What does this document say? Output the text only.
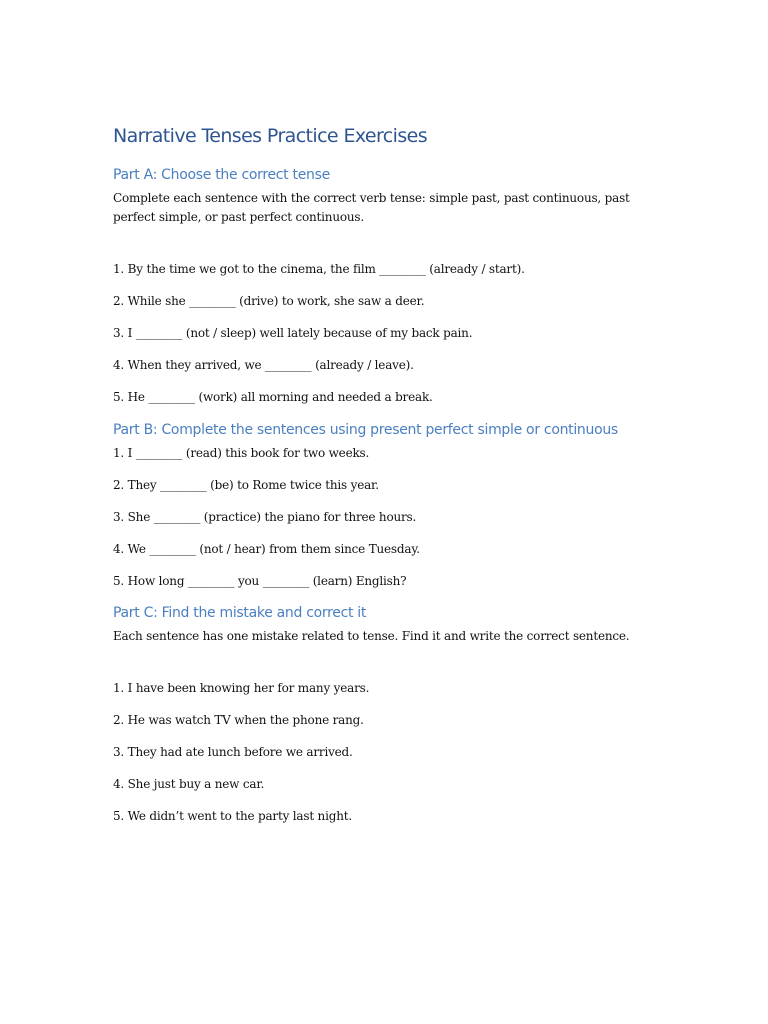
Narrative Tenses Practice Exercises
Part A: Choose the correct tense

Complete each sentence with the correct verb tense: simple past, past continuous, past perfect simple, or past perfect continuous.

1. By the time we got to the cinema, the film ________ (already / start).

2. While she ________ (drive) to work, she saw a deer.

3. I ________ (not / sleep) well lately because of my back pain.

4. When they arrived, we ________ (already / leave).

5. He ________ (work) all morning and needed a break.

Part B: Complete the sentences using present perfect simple or continuous

1. I ________ (read) this book for two weeks.

2. They ________ (be) to Rome twice this year.

3. She ________ (practice) the piano for three hours.

4. We ________ (not / hear) from them since Tuesday.

5. How long ________ you ________ (learn) English?

Part C: Find the mistake and correct it

Each sentence has one mistake related to tense. Find it and write the correct sentence.

1. I have been knowing her for many years.

2. He was watch TV when the phone rang.

3. They had ate lunch before we arrived.

4. She just buy a new car.

5. We didn’t went to the party last night.
